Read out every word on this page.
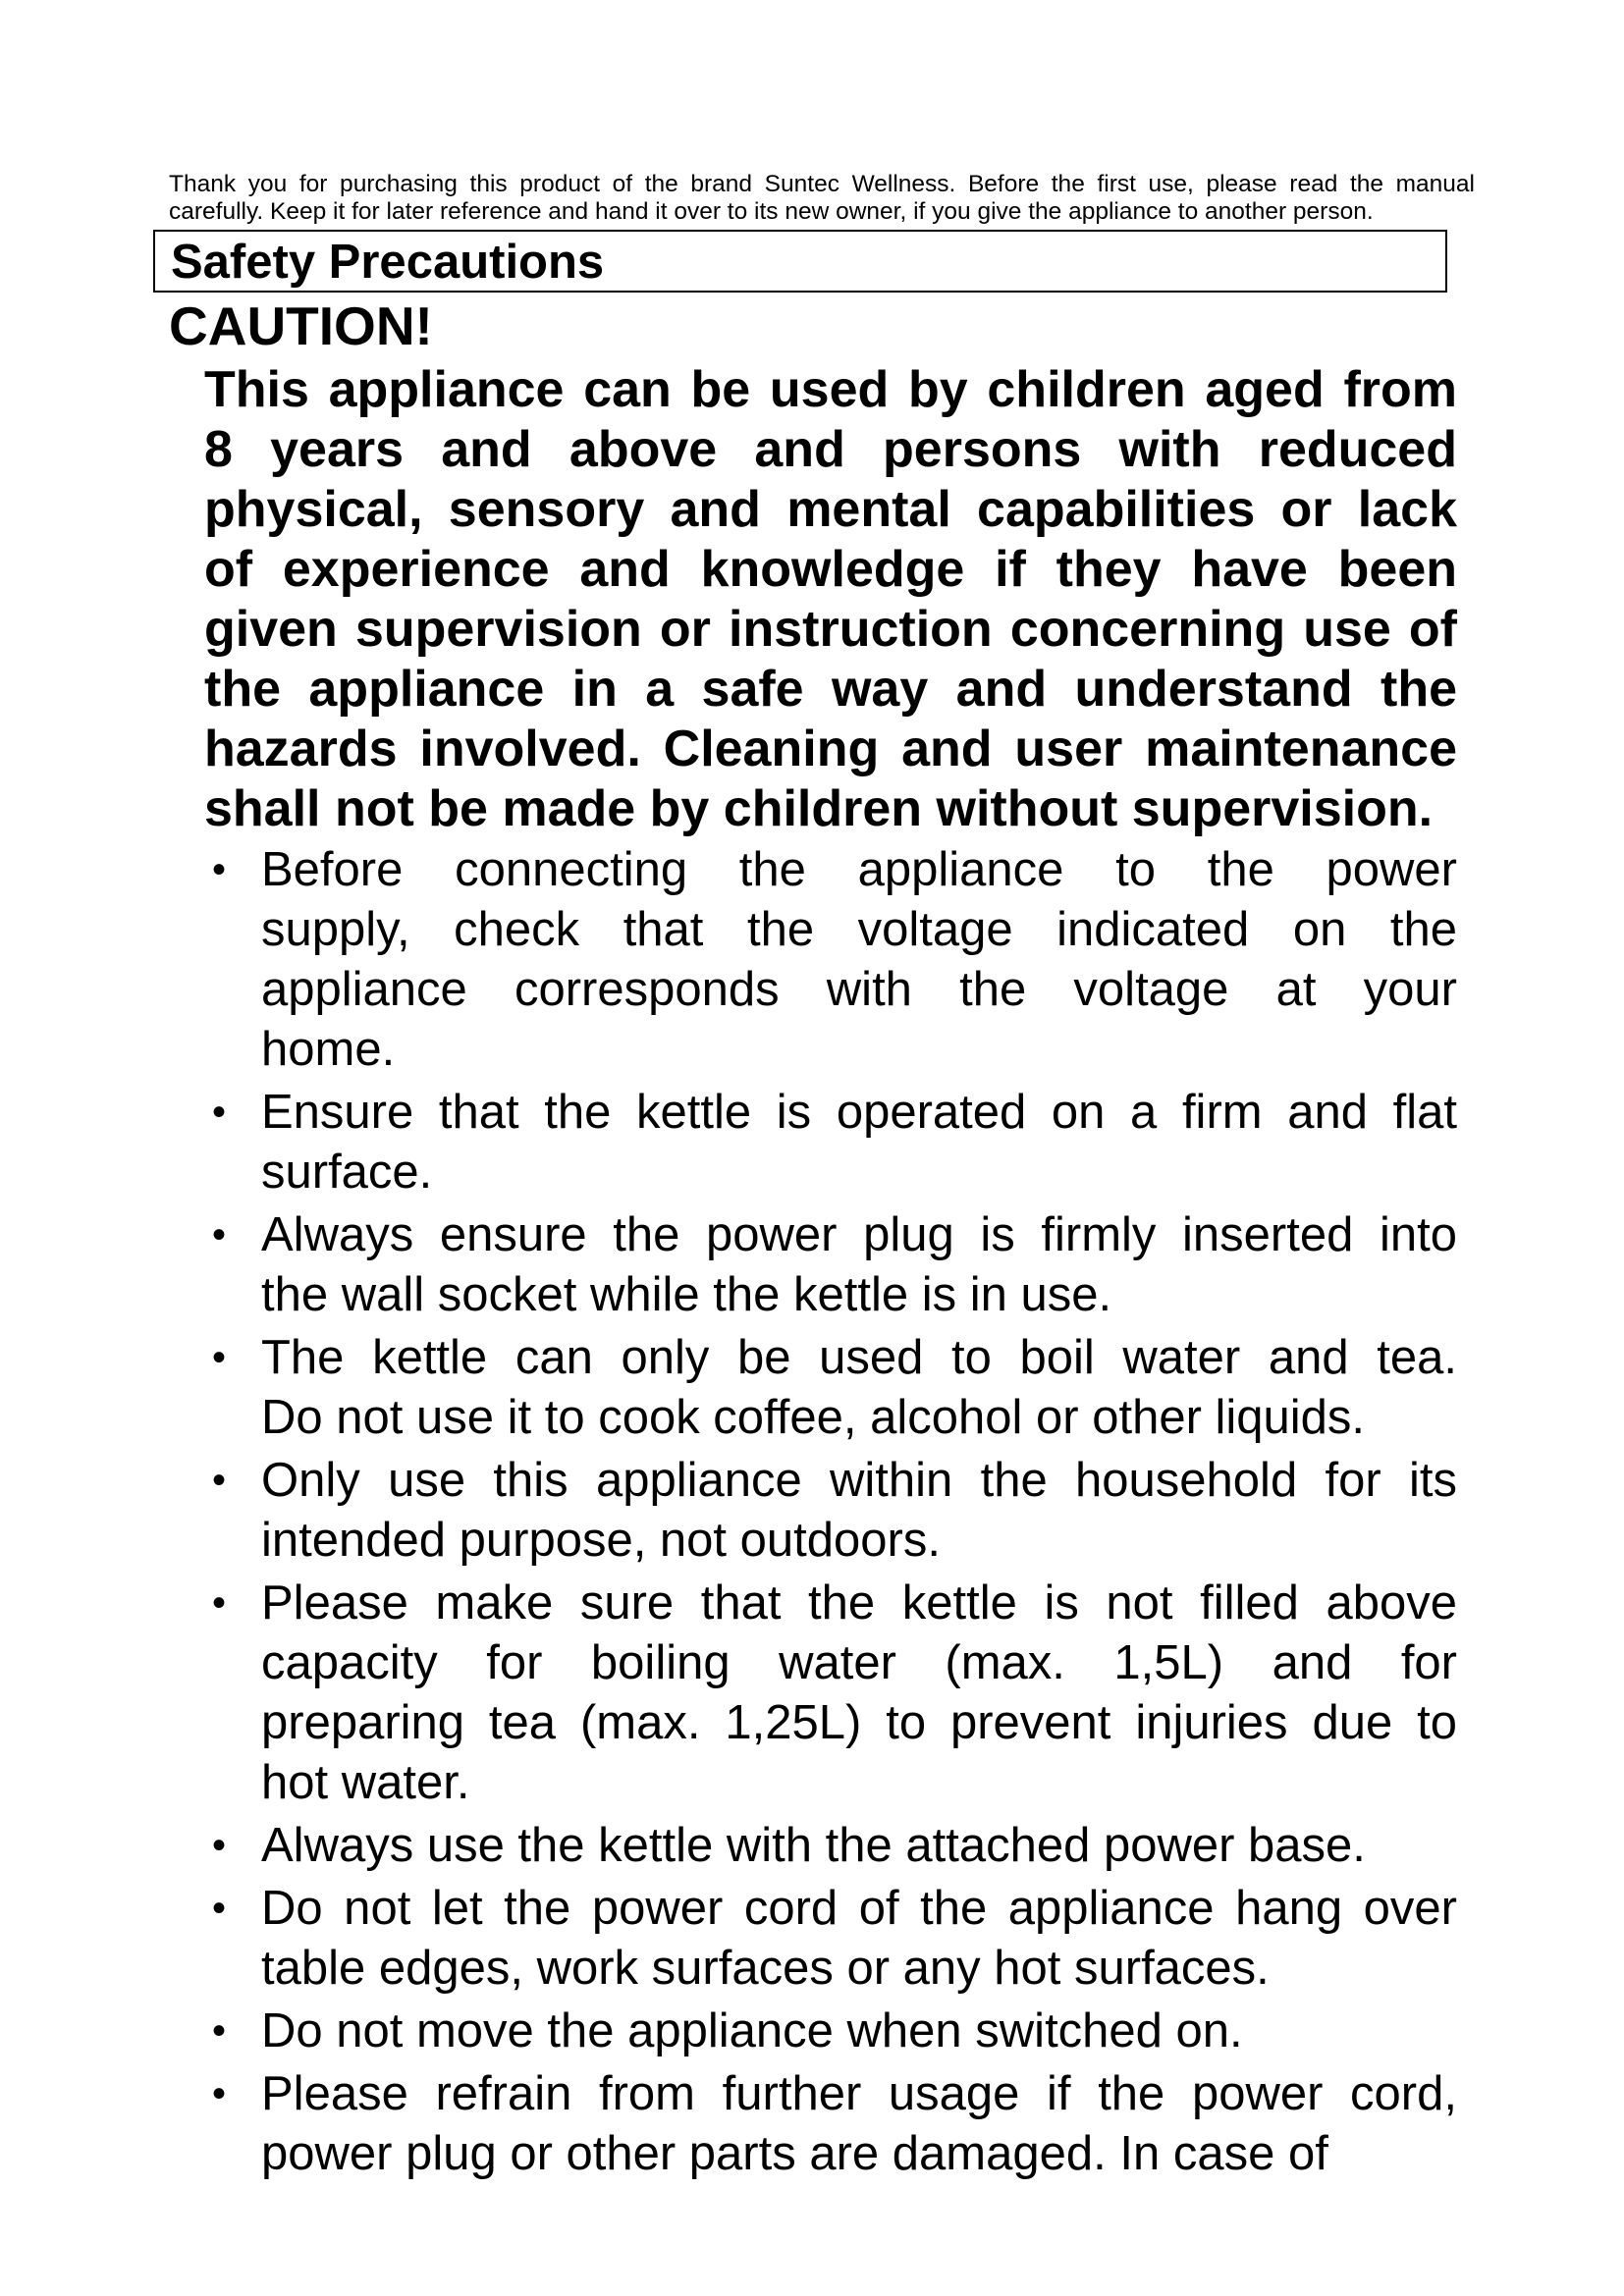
Thank you for purchasing this product of the brand Suntec Wellness. Before the first use, please read the manual
carefully. Keep it for later reference and hand it over to its new owner, if you give the appliance to another person.
Safety Precautions
CAUTION!
This appliance can be used by children aged from
8 years and above and persons with reduced
physical, sensory and mental capabilities or lack
of experience and knowledge if they have been
given supervision or instruction concerning use of
the appliance in a safe way and understand the
hazards involved. Cleaning and user maintenance
shall not be made by children without supervision.
• Before connecting the appliance to the power
supply, check that the voltage indicated on the
appliance corresponds with the voltage at your
home.
• Ensure that the kettle is operated on a firm and flat
surface.
• Always ensure the power plug is firmly inserted into
the wall socket while the kettle is in use.
• The kettle can only be used to boil water and tea.
Do not use it to cook coffee, alcohol or other liquids.
• Only use this appliance within the household for its
intended purpose, not outdoors.
• Please make sure that the kettle is not filled above
capacity for boiling water (max. 1,5L) and for
preparing tea (max. 1,25L) to prevent injuries due to
hot water.
• Always use the kettle with the attached power base.
• Do not let the power cord of the appliance hang over
table edges, work surfaces or any hot surfaces.
• Do not move the appliance when switched on.
• Please refrain from further usage if the power cord,
power plug or other parts are damaged. In case of
